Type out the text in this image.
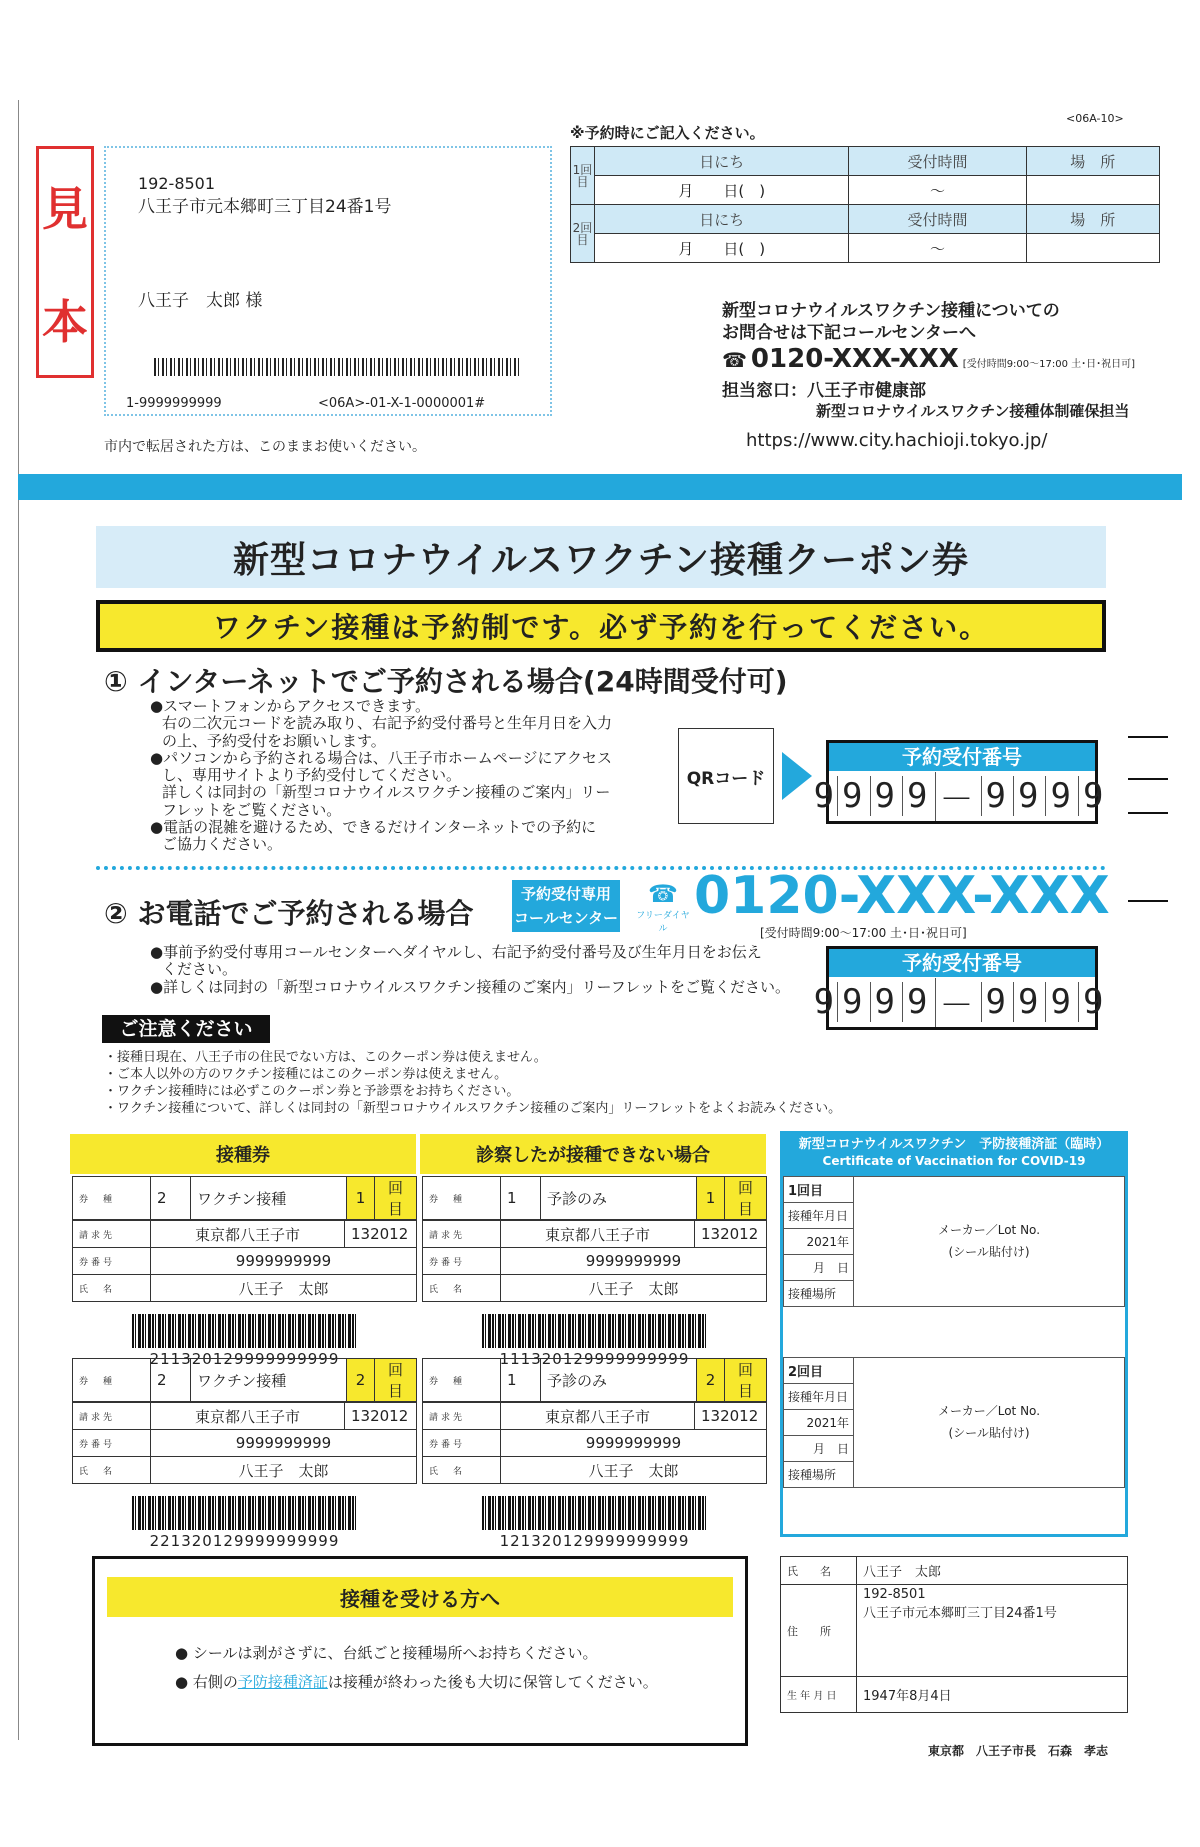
<06A-10>
見
本
192-8501
八王子市元本郷町三丁目24番1号
八王子　太郎 様
1-9999999999	<06A>-01-X-1-0000001#
市内で転居された方は、このままお使いください。
※予約時にご記入ください。
1回目	日にち	受付時間	場　所
	月　　日(　)	～	
2回目	日にち	受付時間	場　所
	月　　日(　)	～	
新型コロナウイルスワクチン接種についての
お問合せは下記コールセンターへ
☎ 0120-XXX-XXX [受付時間9:00～17:00 土･日･祝日可]
担当窓口：八王子市健康部
新型コロナウイルスワクチン接種体制確保担当
https://www.city.hachioji.tokyo.jp/
新型コロナウイルスワクチン接種クーポン券
ワクチン接種は予約制です。必ず予約を行ってください。
① インターネットでご予約される場合(24時間受付可)
●スマートフォンからアクセスできます。
右の二次元コードを読み取り、右記予約受付番号と生年月日を入力
の上、予約受付をお願いします。
●パソコンから予約される場合は、八王子市ホームページにアクセス
し、専用サイトより予約受付してください。
詳しくは同封の「新型コロナウイルスワクチン接種のご案内」リー
フレットをご覧ください。
●電話の混雑を避けるため、できるだけインターネットでの予約に
ご協力ください。
QRコード
予約受付番号
9 9 9 9 － 9 9 9 9
② お電話でご予約される場合
予約受付専用
コールセンター
☎
フリーダイヤル
0120-XXX-XXX
[受付時間9:00～17:00 土･日･祝日可]
●事前予約受付専用コールセンターへダイヤルし、右記予約受付番号及び生年月日をお伝え
ください。
●詳しくは同封の「新型コロナウイルスワクチン接種のご案内」リーフレットをご覧ください。
予約受付番号
9 9 9 9 － 9 9 9 9
ご注意ください
・接種日現在、八王子市の住民でない方は、このクーポン券は使えません。
・ご本人以外の方のワクチン接種にはこのクーポン券は使えません。
・ワクチン接種時には必ずこのクーポン券と予診票をお持ちください。
・ワクチン接種について、詳しくは同封の「新型コロナウイルスワクチン接種のご案内」リーフレットをよくお読みください。
接種券	診察したが接種できない場合
券　種	2	ワクチン接種	1	回目
請求先	東京都八王子市	132012
券番号	9999999999	
氏　名	八王子　太郎	
211320129999999999
券　種	1	予診のみ	1	回目
請求先	東京都八王子市	132012
券番号	9999999999	
氏　名	八王子　太郎	
111320129999999999
券　種	2	ワクチン接種	2	回目
請求先	東京都八王子市	132012
券番号	9999999999	
氏　名	八王子　太郎	
221320129999999999
券　種	1	予診のみ	2	回目
請求先	東京都八王子市	132012
券番号	9999999999	
氏　名	八王子　太郎	
121320129999999999
新型コロナウイルスワクチン　予防接種済証（臨時）
Certificate of Vaccination for COVID-19
1回目	
メーカー／Lot No.
(シール貼付け)

接種年月日
2021年
月　日
接種場所
2回目	
メーカー／Lot No.
(シール貼付け)

接種年月日
2021年
月　日
接種場所
接種を受ける方へ
● シールは剥がさずに、台紙ごと接種場所へお持ちください。
● 右側の予防接種済証は接種が終わった後も大切に保管してください。
氏　　名	八王子　太郎
住　　所	192-8501
八王子市元本郷町三丁目24番1号

生 年 月 日	1947年8月4日
東京都　八王子市長　石森　孝志
